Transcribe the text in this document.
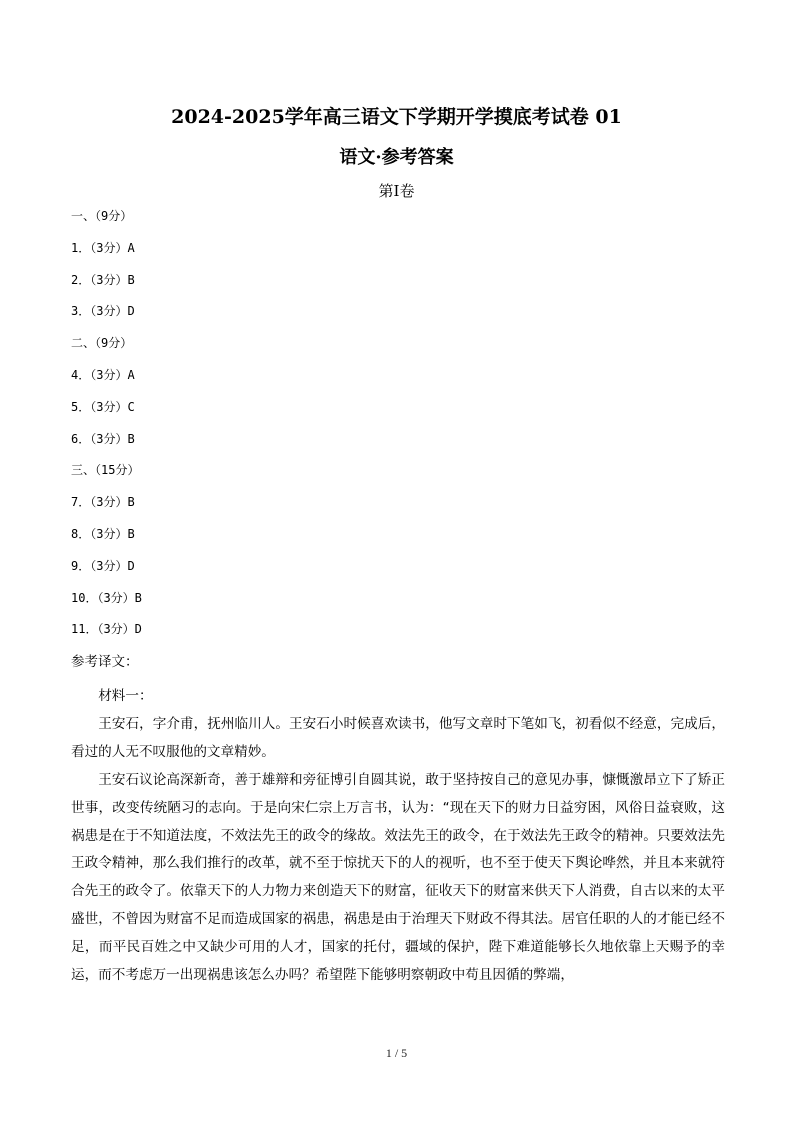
2024-2025学年高三语文下学期开学摸底考试卷 01
语文·参考答案
第Ⅰ卷
一、（9分）
1．（3分）A
2．（3分）B
3．（3分）D
二、（9分）
4．（3分）A
5．（3分）C
6．（3分）B
三、（15分）
7．（3分）B
8．（3分）B
9．（3分）D
10．（3分）B
11．（3分）D
参考译文：

材料一：

王安石，字介甫，抚州临川人。王安石小时候喜欢读书，他写文章时下笔如飞，初看似不经意，完成后，看过的人无不叹服他的文章精妙。

王安石议论高深新奇，善于雄辩和旁征博引自圆其说，敢于坚持按自己的意见办事，慷慨激昂立下了矫正世事，改变传统陋习的志向。于是向宋仁宗上万言书，认为：“现在天下的财力日益穷困，风俗日益衰败，这祸患是在于不知道法度，不效法先王的政令的缘故。效法先王的政令，在于效法先王政令的精神。只要效法先王政令精神，那么我们推行的改革，就不至于惊扰天下的人的视听，也不至于使天下舆论哗然，并且本来就符合先王的政令了。依靠天下的人力物力来创造天下的财富，征收天下的财富来供天下人消费，自古以来的太平盛世，不曾因为财富不足而造成国家的祸患，祸患是由于治理天下财政不得其法。居官任职的人的才能已经不足，而平民百姓之中又缺少可用的人才，国家的托付，疆域的保护，陛下难道能够长久地依靠上天赐予的幸运，而不考虑万一出现祸患该怎么办吗？希望陛下能够明察朝政中苟且因循的弊端，

1 / 5
